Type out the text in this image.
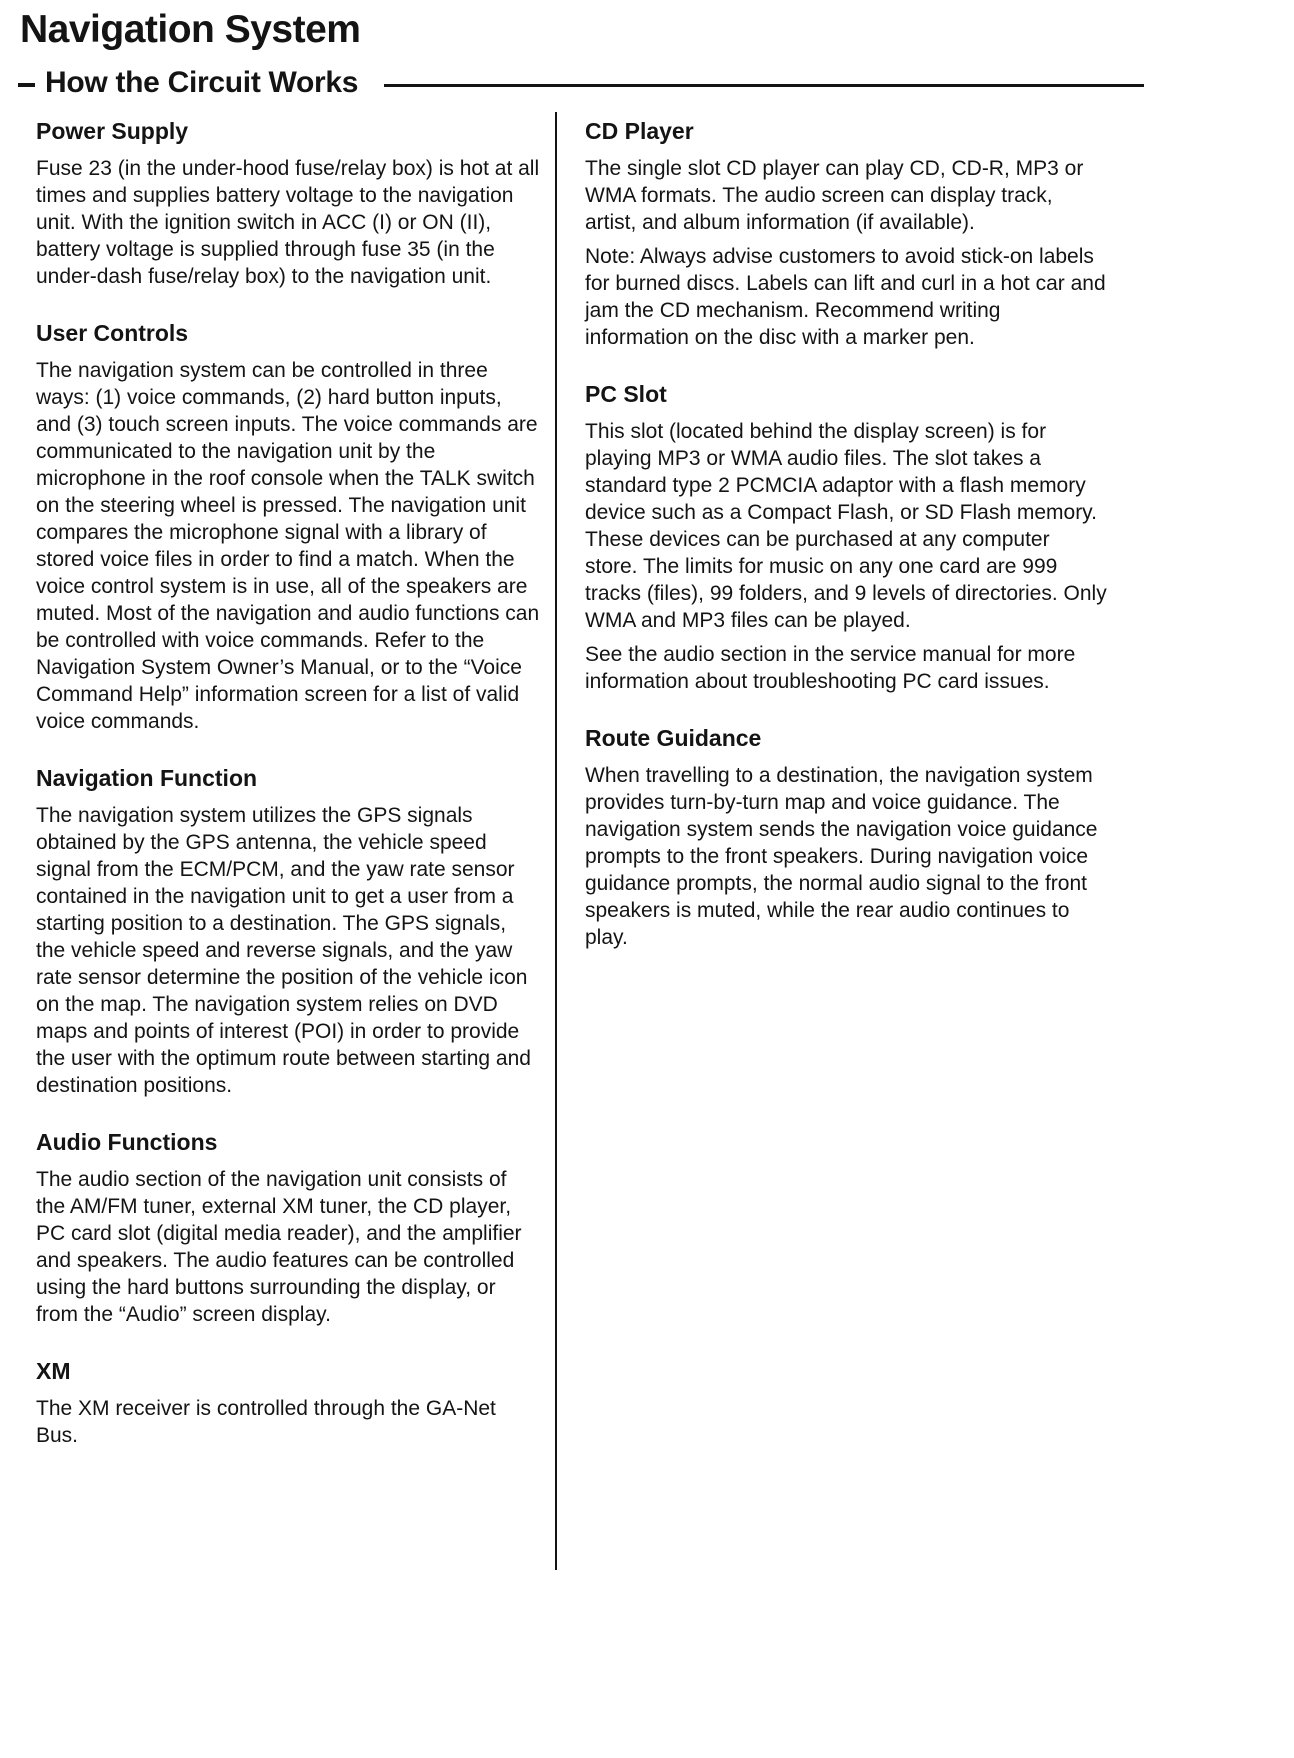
Navigation System
How the Circuit Works
Power Supply

Fuse 23 (in the under-hood fuse/relay box) is hot at all times and supplies battery voltage to the navigation unit. With the ignition switch in ACC (I) or ON (II), battery voltage is supplied through fuse 35 (in the under-dash fuse/relay box) to the navigation unit.

User Controls

The navigation system can be controlled in three ways: (1) voice commands, (2) hard button inputs, and (3) touch screen inputs. The voice commands are communicated to the navigation unit by the microphone in the roof console when the TALK switch on the steering wheel is pressed. The navigation unit compares the microphone signal with a library of stored voice files in order to find a match. When the voice control system is in use, all of the speakers are muted. Most of the navigation and audio functions can be controlled with voice commands. Refer to the Navigation System Owner’s Manual, or to the “Voice Command Help” information screen for a list of valid voice commands.

Navigation Function

The navigation system utilizes the GPS signals obtained by the GPS antenna, the vehicle speed signal from the ECM/PCM, and the yaw rate sensor contained in the navigation unit to get a user from a starting position to a destination. The GPS signals, the vehicle speed and reverse signals, and the yaw rate sensor determine the position of the vehicle icon on the map. The navigation system relies on DVD maps and points of interest (POI) in order to provide the user with the optimum route between starting and destination positions.

Audio Functions

The audio section of the navigation unit consists of the AM/FM tuner, external XM tuner, the CD player, PC card slot (digital media reader), and the amplifier and speakers. The audio features can be controlled using the hard buttons surrounding the display, or from the “Audio” screen display.

XM

The XM receiver is controlled through the GA-Net Bus.

CD Player

The single slot CD player can play CD, CD-R, MP3 or WMA formats. The audio screen can display track, artist, and album information (if available).

Note: Always advise customers to avoid stick-on labels for burned discs. Labels can lift and curl in a hot car and jam the CD mechanism. Recommend writing information on the disc with a marker pen.

PC Slot

This slot (located behind the display screen) is for playing MP3 or WMA audio files. The slot takes a standard type 2 PCMCIA adaptor with a flash memory device such as a Compact Flash, or SD Flash memory. These devices can be purchased at any computer store. The limits for music on any one card are 999 tracks (files), 99 folders, and 9 levels of directories. Only WMA and MP3 files can be played.

See the audio section in the service manual for more information about troubleshooting PC card issues.

Route Guidance

When travelling to a destination, the navigation system provides turn-by-turn map and voice guidance. The navigation system sends the navigation voice guidance prompts to the front speakers. During navigation voice guidance prompts, the normal audio signal to the front speakers is muted, while the rear audio continues to play.
